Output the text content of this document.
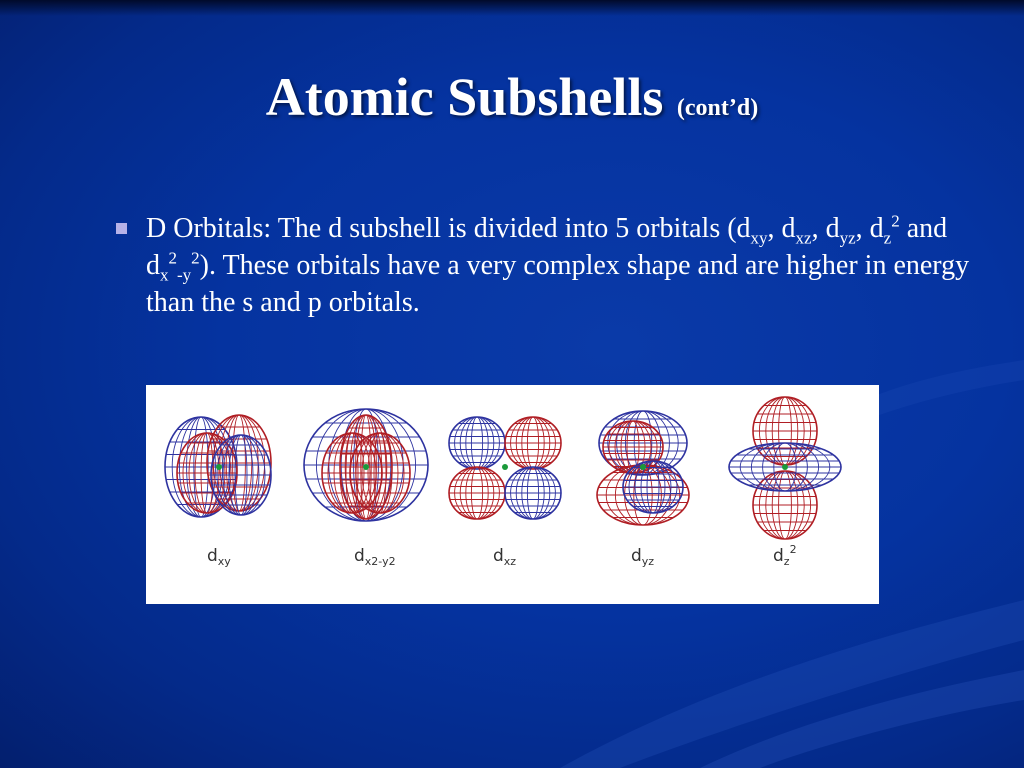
Atomic Subshells (cont’d)
D Orbitals: The d subshell is divided into 5 orbitals ($d_{xy}$, $d_{xz}$, $d_{yz}$, $d_z^2$ and $d_x^2_{-y}^2$). These orbitals have a very complex shape and are higher in energy than the s and p orbitals.
$d_{xy}$	$d_{x2-y2}$	$d_{xz}$	$d_{yz}$	$d_z^2$
